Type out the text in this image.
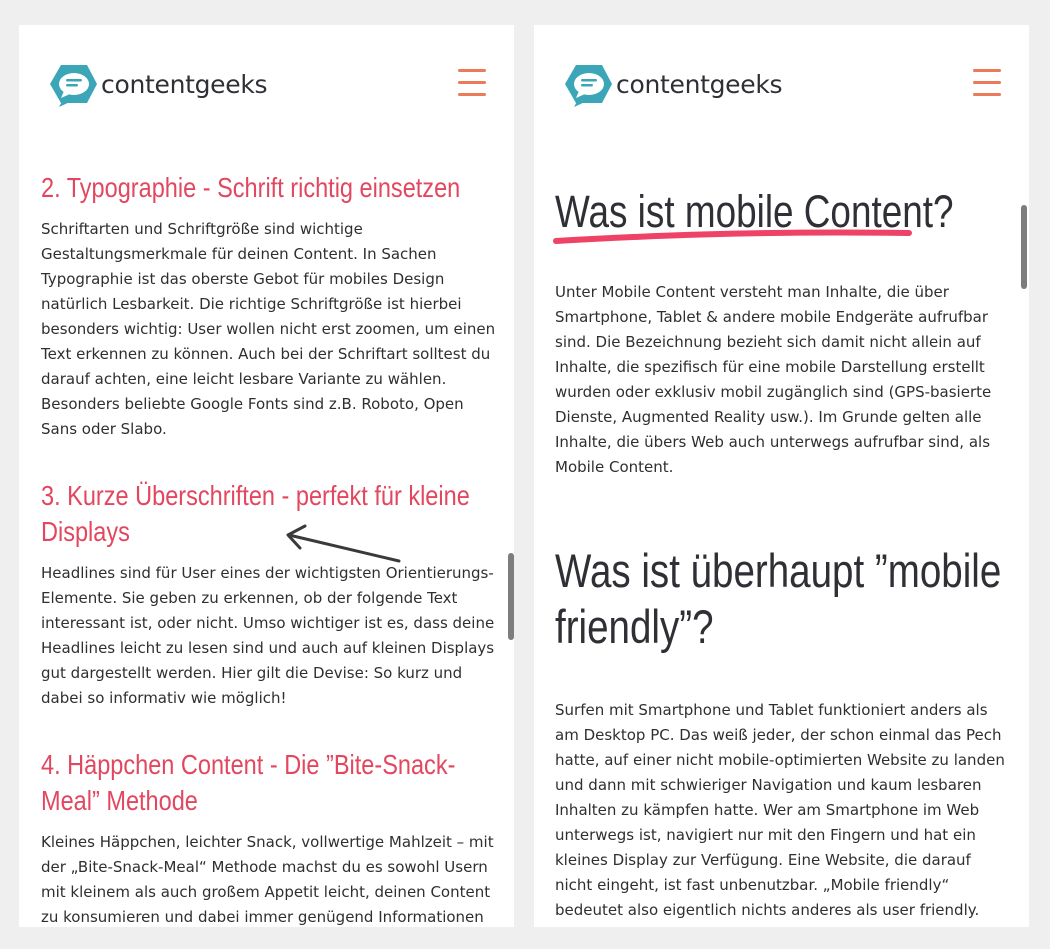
contentgeeks
2. Typographie - Schrift richtig einsetzen

Schriftarten und Schriftgröße sind wichtige Gestaltungsmerkmale für deinen Content. In Sachen Typographie ist das oberste Gebot für mobiles Design natürlich Lesbarkeit. Die richtige Schriftgröße ist hierbei besonders wichtig: User wollen nicht erst zoomen, um einen Text erkennen zu können. Auch bei der Schriftart solltest du darauf achten, eine leicht lesbare Variante zu wählen. Besonders beliebte Google Fonts sind z.B. Roboto, Open Sans oder Slabo.

3. Kurze Überschriften - perfekt für kleine Displays

Headlines sind für User eines der wichtigsten Orientierungs-Elemente. Sie geben zu erkennen, ob der folgende Text interessant ist, oder nicht. Umso wichtiger ist es, dass deine Headlines leicht zu lesen sind und auch auf kleinen Displays gut dargestellt werden. Hier gilt die Devise: So kurz und dabei so informativ wie möglich!

4. Häppchen Content - Die ”Bite-Snack-Meal” Methode

Kleines Häppchen, leichter Snack, vollwertige Mahlzeit – mit der „Bite-Snack-Meal“ Methode machst du es sowohl Usern mit kleinem als auch großem Appetit leicht, deinen Content zu konsumieren und dabei immer genügend Informationen

contentgeeks
Was ist mobile Content?

Unter Mobile Content versteht man Inhalte, die über Smartphone, Tablet & andere mobile Endgeräte aufrufbar sind. Die Bezeichnung bezieht sich damit nicht allein auf Inhalte, die spezifisch für eine mobile Darstellung erstellt wurden oder exklusiv mobil zugänglich sind (GPS-basierte Dienste, Augmented Reality usw.). Im Grunde gelten alle Inhalte, die übers Web auch unterwegs aufrufbar sind, als Mobile Content.

Was ist überhaupt ”mobile friendly”?

Surfen mit Smartphone und Tablet funktioniert anders als am Desktop PC. Das weiß jeder, der schon einmal das Pech hatte, auf einer nicht mobile-optimierten Website zu landen und dann mit schwieriger Navigation und kaum lesbaren Inhalten zu kämpfen hatte. Wer am Smartphone im Web unterwegs ist, navigiert nur mit den Fingern und hat ein kleines Display zur Verfügung. Eine Website, die darauf nicht eingeht, ist fast unbenutzbar. „Mobile friendly“ bedeutet also eigentlich nichts anderes als user friendly.
